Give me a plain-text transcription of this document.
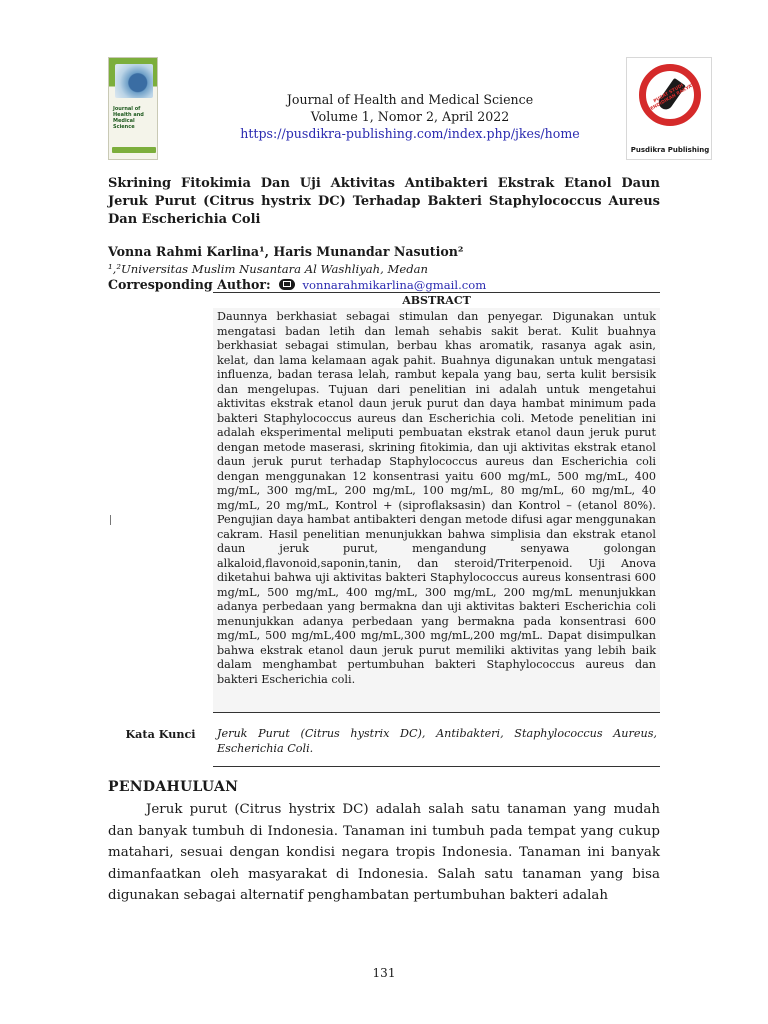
Journal of Health and Medical Science
Journal of Health and Medical Science
Volume 1, Nomor 2, April 2022
https://pusdikra-publishing.com/index.php/jkes/home
PUSAT STUDI PENDIDIKAN RAKYAT
Pusdikra Publishing
Skrining Fitokimia Dan Uji Aktivitas Antibakteri Ekstrak Etanol Daun Jeruk Purut (Citrus hystrix DC) Terhadap Bakteri Staphylococcus Aureus Dan Escherichia Coli
Vonna Rahmi Karlina¹, Haris Munandar Nasution²
¹,²Universitas Muslim Nusantara Al Washliyah, Medan
Corresponding Author:	vonnarahmikarlina@gmail.com
ABSTRACT

Daunnya berkhasiat sebagai stimulan dan penyegar. Digunakan untuk mengatasi badan letih dan lemah sehabis sakit berat. Kulit buahnya berkhasiat sebagai stimulan, berbau khas aromatik, rasanya agak asin, kelat, dan lama kelamaan agak pahit. Buahnya digunakan untuk mengatasi influenza, badan terasa lelah, rambut kepala yang bau, serta kulit bersisik dan mengelupas. Tujuan dari penelitian ini adalah untuk mengetahui aktivitas ekstrak etanol daun jeruk purut dan daya hambat minimum pada bakteri Staphylococcus aureus dan Escherichia coli. Metode penelitian ini adalah eksperimental meliputi pembuatan ekstrak etanol daun jeruk purut dengan metode maserasi, skrining fitokimia, dan uji aktivitas ekstrak etanol daun jeruk purut terhadap Staphylococcus aureus dan Escherichia coli dengan menggunakan 12 konsentrasi yaitu 600 mg/mL, 500 mg/mL, 400 mg/mL, 300 mg/mL, 200 mg/mL, 100 mg/mL, 80 mg/mL, 60 mg/mL, 40 mg/mL, 20 mg/mL, Kontrol + (siproflaksasin) dan Kontrol – (etanol 80%). Pengujian daya hambat antibakteri dengan metode difusi agar menggunakan cakram. Hasil penelitian menunjukkan bahwa simplisia dan ekstrak etanol daun jeruk purut, mengandung senyawa golongan alkaloid,flavonoid,saponin,tanin, dan steroid/Triterpenoid. Uji Anova diketahui bahwa uji aktivitas bakteri Staphylococcus aureus konsentrasi 600 mg/mL, 500 mg/mL, 400 mg/mL, 300 mg/mL, 200 mg/mL menunjukkan adanya perbedaan yang bermakna dan uji aktivitas bakteri Escherichia coli menunjukkan adanya perbedaan yang bermakna pada konsentrasi 600 mg/mL, 500 mg/mL,400 mg/mL,300 mg/mL,200 mg/mL. Dapat disimpulkan bahwa ekstrak etanol daun jeruk purut memiliki aktivitas yang lebih baik dalam menghambat pertumbuhan bakteri Staphylococcus aureus dan bakteri Escherichia coli.

Kata Kunci	Jeruk Purut (Citrus hystrix DC), Antibakteri, Staphylococcus Aureus, Escherichia Coli.
PENDAHULUAN
Jeruk purut (Citrus hystrix DC) adalah salah satu tanaman yang mudah dan banyak tumbuh di Indonesia. Tanaman ini tumbuh pada tempat yang cukup matahari, sesuai dengan kondisi negara tropis Indonesia. Tanaman ini banyak dimanfaatkan oleh masyarakat di Indonesia. Salah satu tanaman yang bisa digunakan sebagai alternatif penghambatan pertumbuhan bakteri adalah
131
